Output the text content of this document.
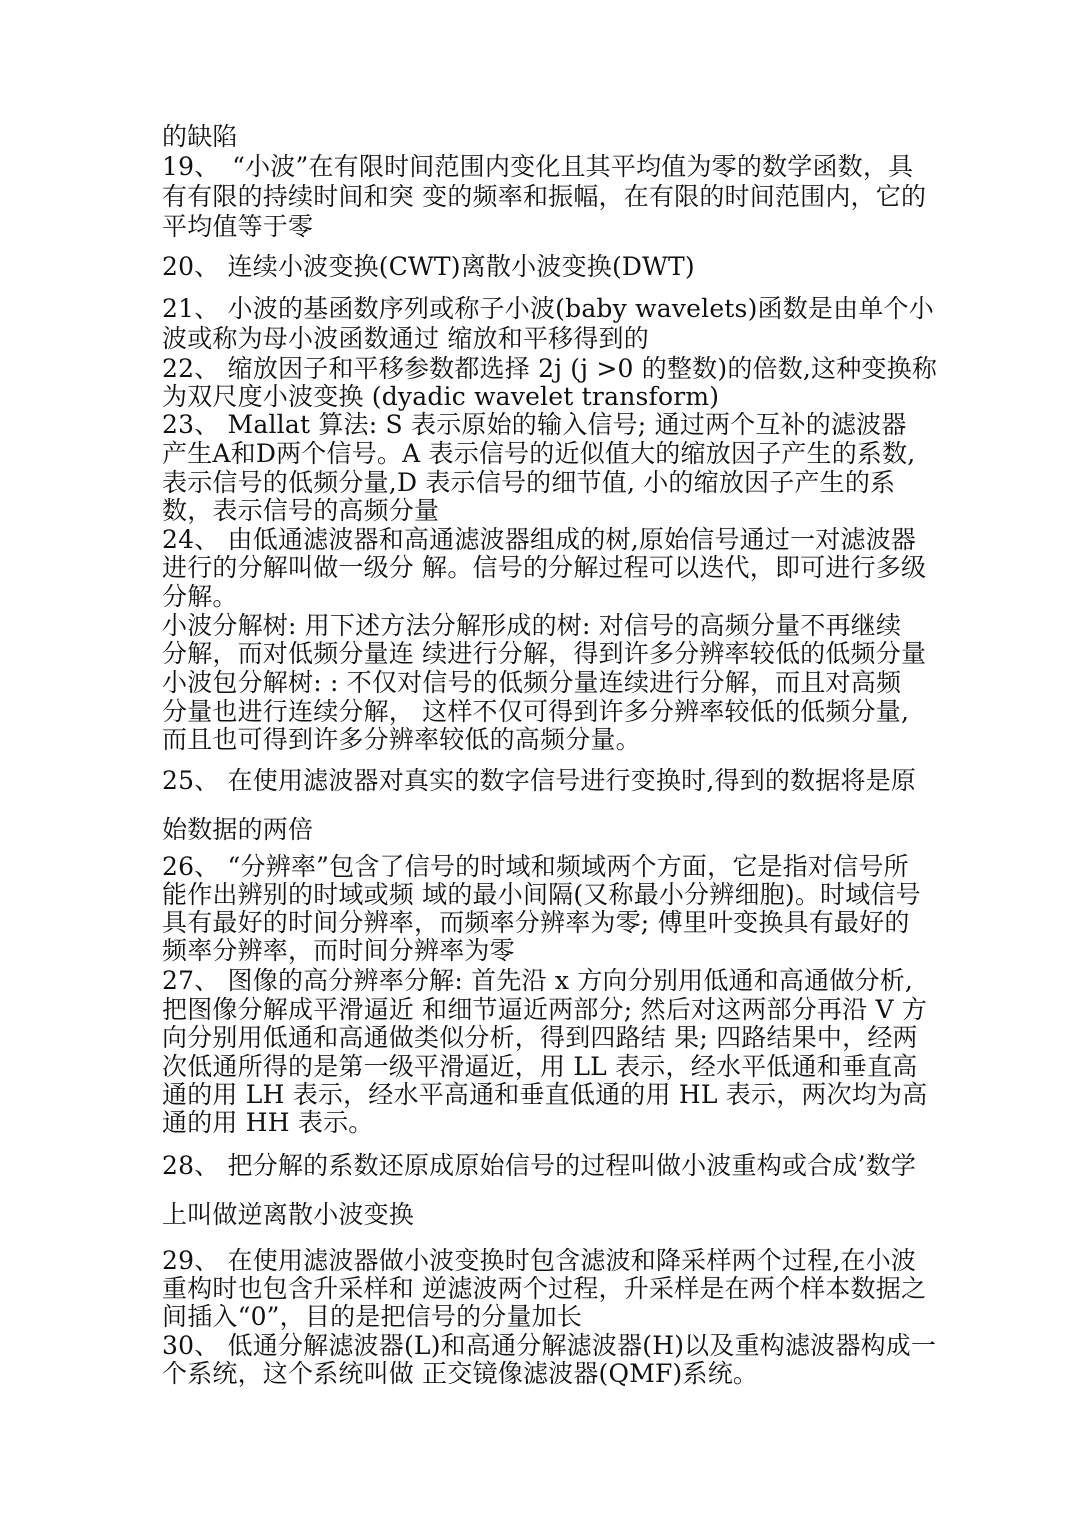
的缺陷
19、　“小波”在有限时间范围内变化且其平均值为零的数学函数，具
有有限的持续时间和突 变的频率和振幅，在有限的时间范围内，它的
平均值等于零
20、 连续小波变换(CWT)离散小波变换(DWT)
21、 小波的基函数序列或称子小波(baby wavelets)函数是由单个小
波或称为母小波函数通过 缩放和平移得到的
22、 缩放因子和平移参数都选择 2j (j >0 的整数)的倍数,这种变换称
为双尺度小波变换 (dyadic wavelet transform)
23、 Mallat 算法: S 表示原始的输入信号; 通过两个互补的滤波器
产生A和D两个信号。A 表示信号的近似值大的缩放因子产生的系数,
表示信号的低频分量,D 表示信号的细节值, 小的缩放因子产生的系
数，表示信号的高频分量
24、 由低通滤波器和高通滤波器组成的树,原始信号通过一对滤波器
进行的分解叫做一级分 解。信号的分解过程可以迭代，即可进行多级
分解。
小波分解树: 用下述方法分解形成的树: 对信号的高频分量不再继续
分解，而对低频分量连 续进行分解，得到许多分辨率较低的低频分量
小波包分解树: : 不仅对信号的低频分量连续进行分解，而且对高频
分量也进行连续分解， 这样不仅可得到许多分辨率较低的低频分量,
而且也可得到许多分辨率较低的高频分量。
25、 在使用滤波器对真实的数字信号进行变换时,得到的数据将是原
始数据的两倍
26、 “分辨率”包含了信号的时域和频域两个方面，它是指对信号所
能作出辨别的时域或频 域的最小间隔(又称最小分辨细胞)。时域信号
具有最好的时间分辨率，而频率分辨率为零; 傅里叶变换具有最好的
频率分辨率，而时间分辨率为零
27、 图像的高分辨率分解: 首先沿 x 方向分别用低通和高通做分析,
把图像分解成平滑逼近 和细节逼近两部分; 然后对这两部分再沿 V 方
向分别用低通和高通做类似分析，得到四路结 果; 四路结果中，经两
次低通所得的是第一级平滑逼近，用 LL 表示，经水平低通和垂直高
通的用 LH 表示，经水平高通和垂直低通的用 HL 表示，两次均为高
通的用 HH 表示。
28、 把分解的系数还原成原始信号的过程叫做小波重构或合成’数学
上叫做逆离散小波变换
29、 在使用滤波器做小波变换时包含滤波和降采样两个过程,在小波
重构时也包含升采样和 逆滤波两个过程，升采样是在两个样本数据之
间插入“0”，目的是把信号的分量加长
30、 低通分解滤波器(L)和高通分解滤波器(H)以及重构滤波器构成一
个系统，这个系统叫做 正交镜像滤波器(QMF)系统。
